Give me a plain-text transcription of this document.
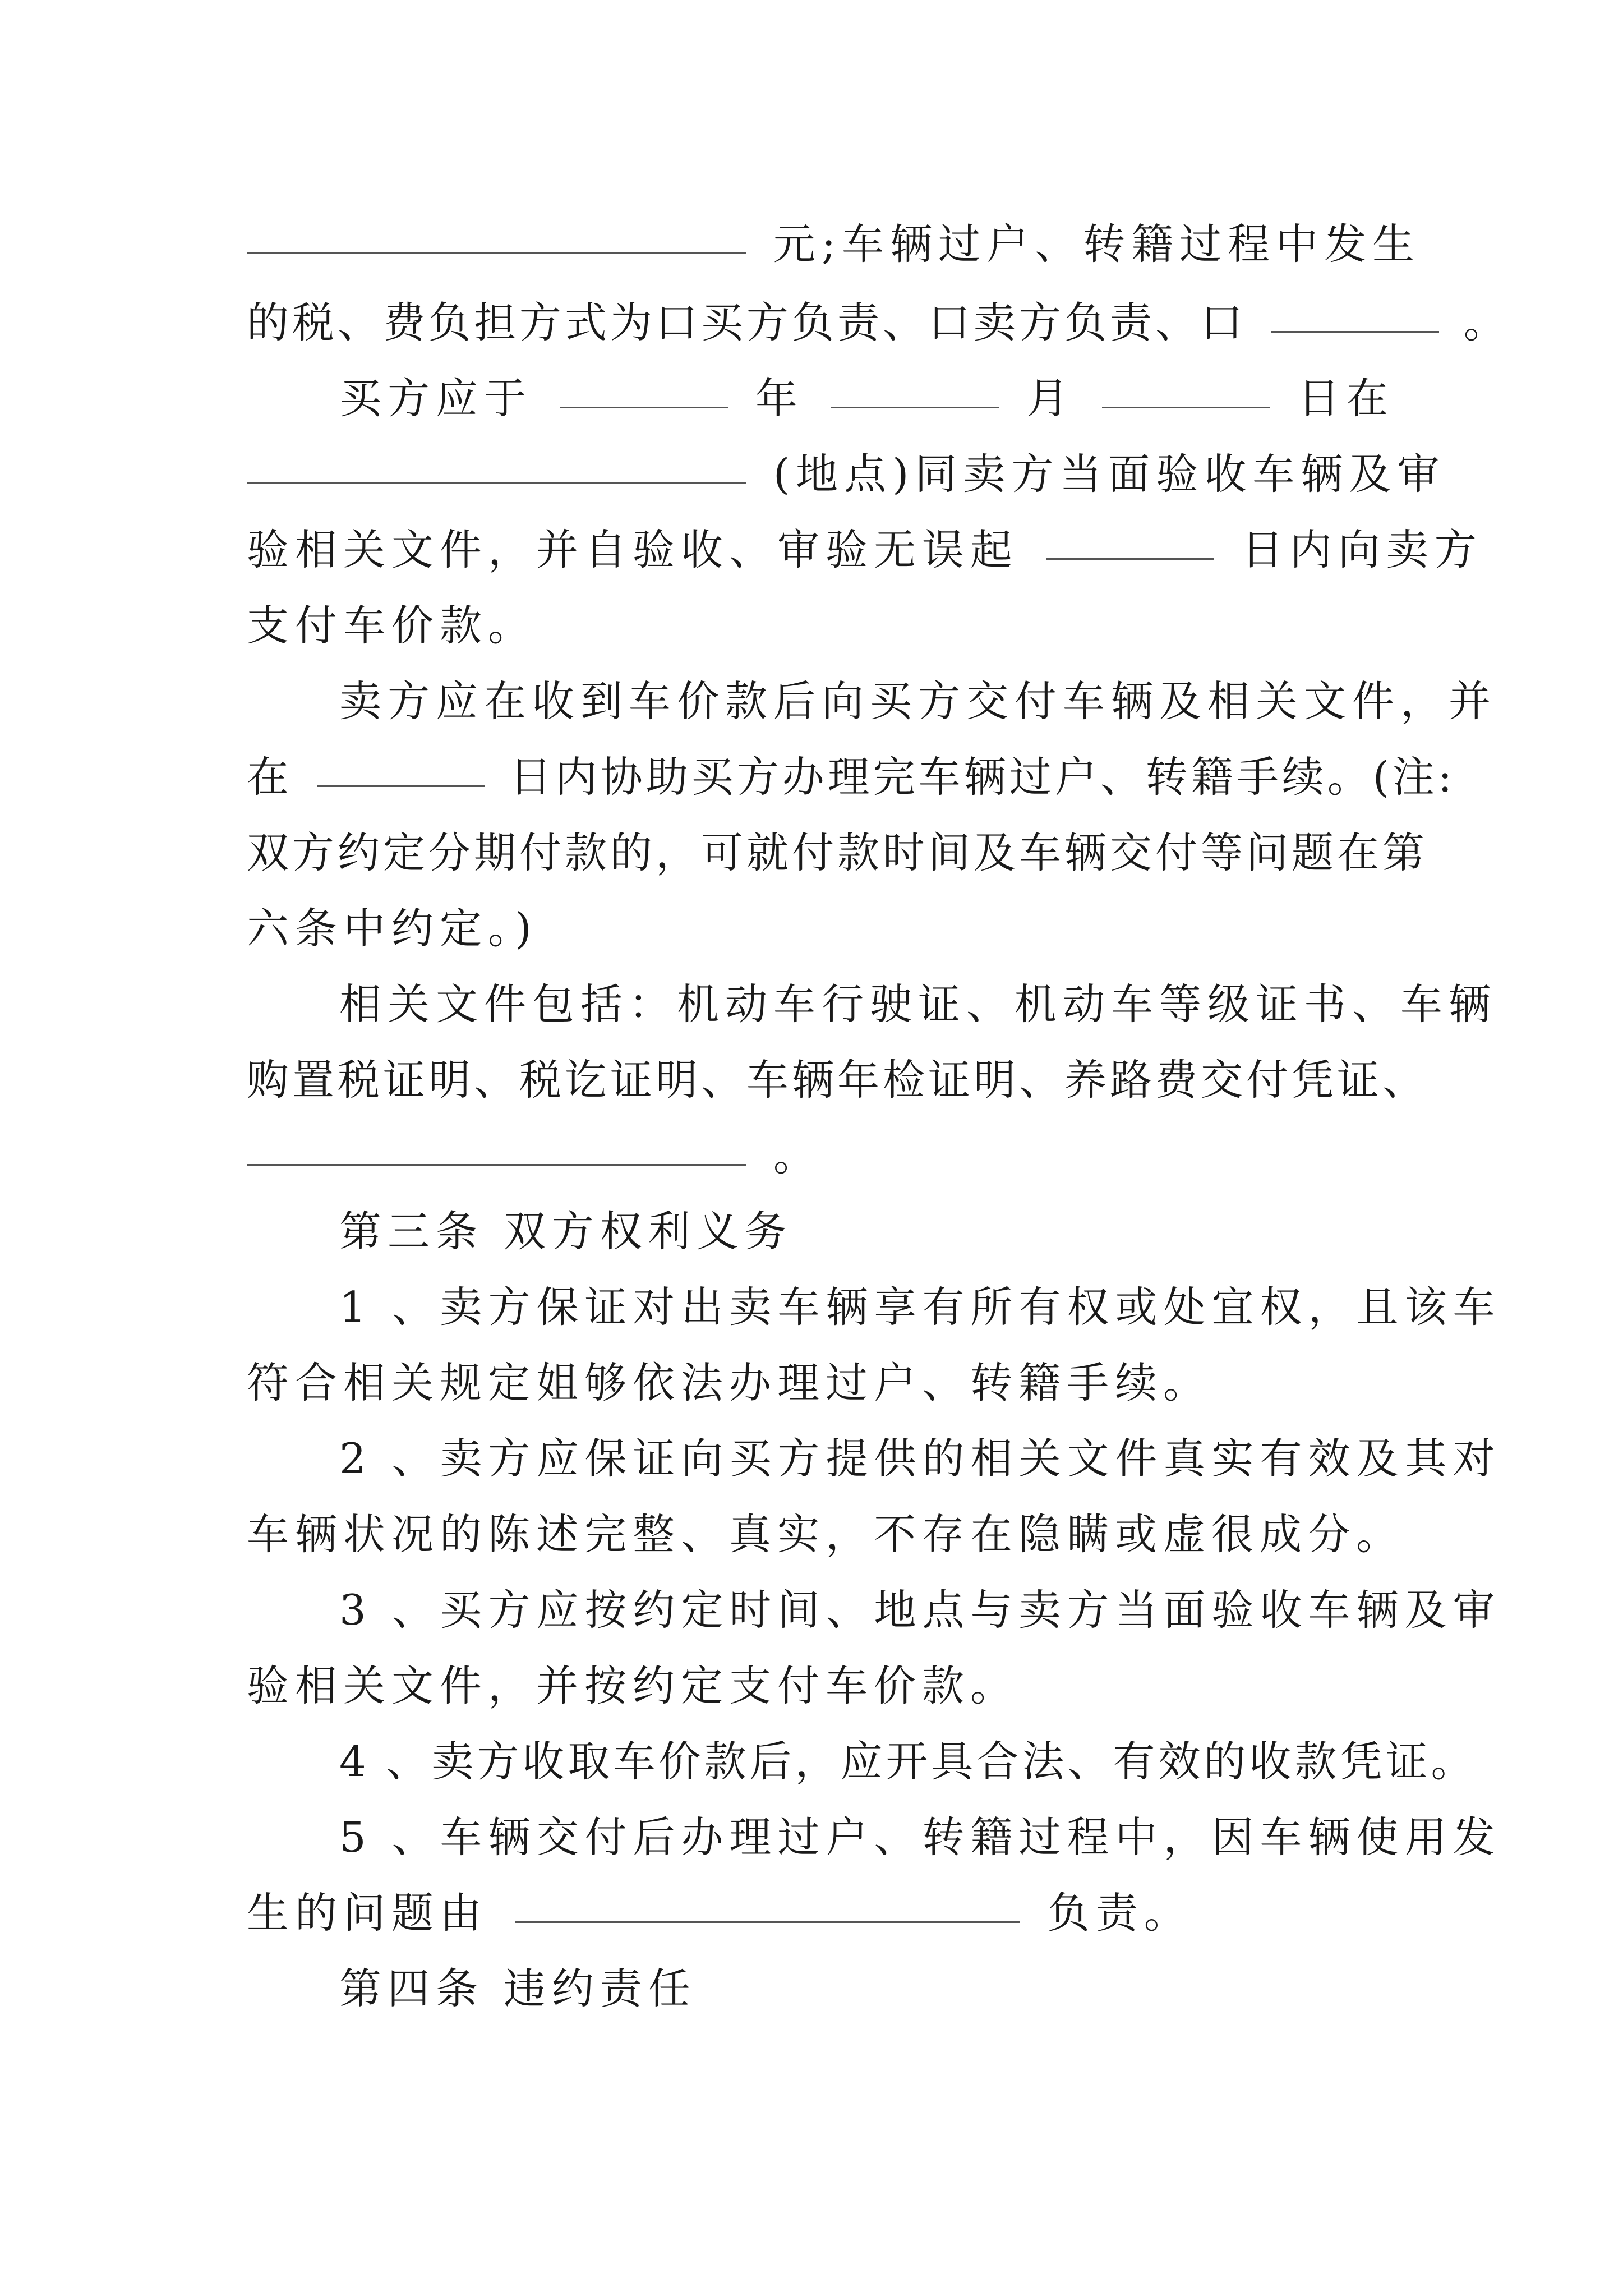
元;车辆过户、转籍过程中发生
的税、费负担方式为口买方负责、口卖方负责、口	。
买方应于	年	月	日在
(地点)同卖方当面验收车辆及审
验相关文件，并自验收、审验无误起	日内向卖方
支付车价款。
卖方应在收到车价款后向买方交付车辆及相关文件，并
在	日内协助买方办理完车辆过户、转籍手续。(注:
双方约定分期付款的，可就付款时间及车辆交付等问题在第
六条中约定。)
相关文件包括：机动车行驶证、机动车等级证书、车辆
购置税证明、税讫证明、车辆年检证明、养路费交付凭证、
。
第三条 双方权利义务
1 、卖方保证对出卖车辆享有所有权或处宜权，且该车
符合相关规定姐够依法办理过户、转籍手续。
2 、卖方应保证向买方提供的相关文件真实有效及其对
车辆状况的陈述完整、真实，不存在隐瞒或虚很成分。
3 、买方应按约定时间、地点与卖方当面验收车辆及审
验相关文件，并按约定支付车价款。
4 、卖方收取车价款后，应开具合法、有效的收款凭证。
5 、车辆交付后办理过户、转籍过程中，因车辆使用发
生的问题由	负责。
第四条 违约责任
